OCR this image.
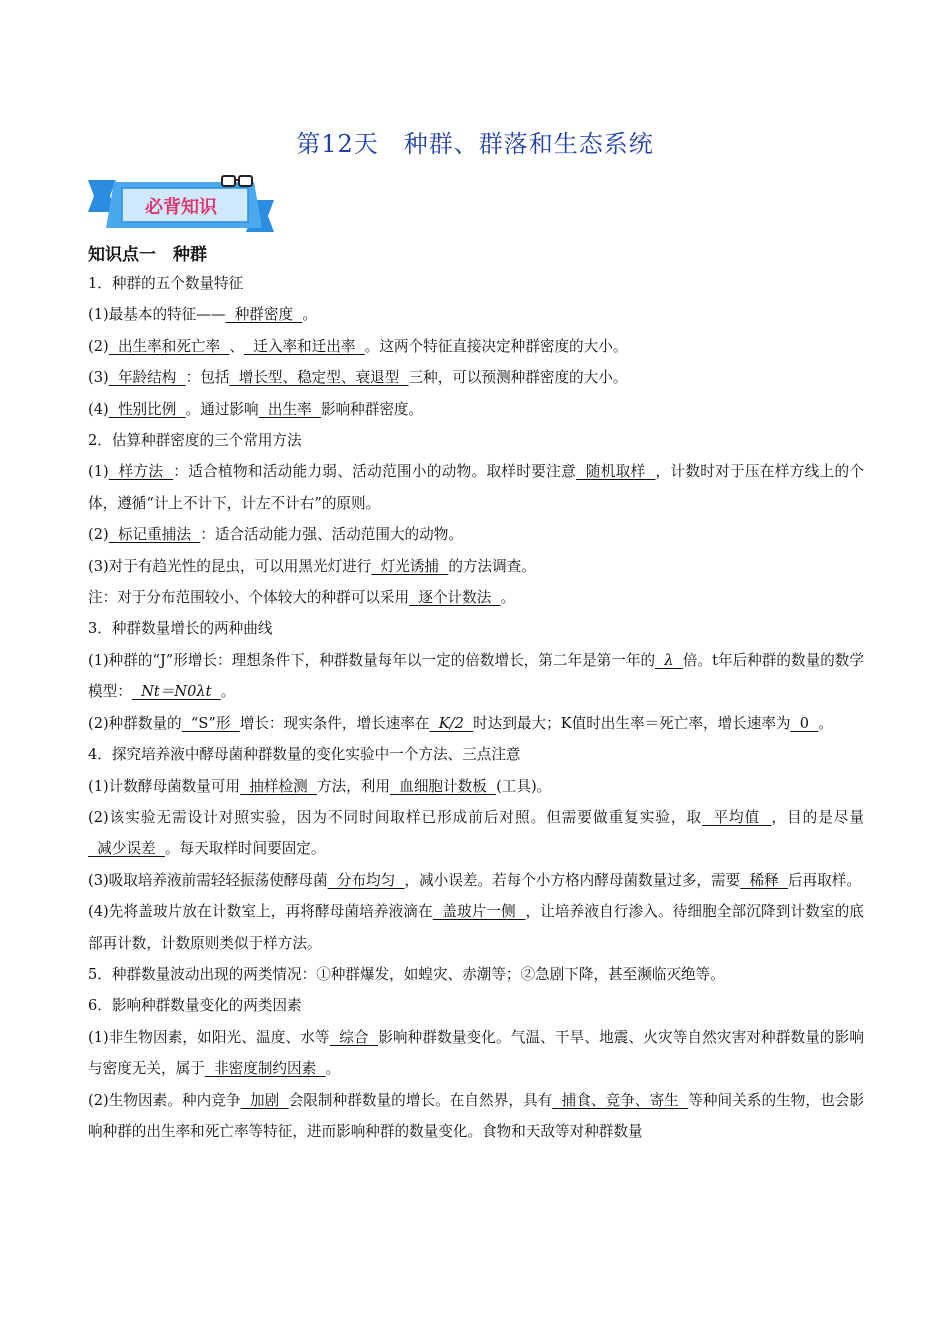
第12天　种群、群落和生态系统
必背知识
知识点一　种群

1．种群的五个数量特征

(1)最基本的特征——  种群密度  。

(2)  出生率和死亡率  、  迁入率和迁出率  。这两个特征直接决定种群密度的大小。

(3)  年龄结构  ：包括  增长型、稳定型、衰退型  三种，可以预测种群密度的大小。

(4)  性别比例  。通过影响  出生率  影响种群密度。

2．估算种群密度的三个常用方法

(1)  样方法  ：适合植物和活动能力弱、活动范围小的动物。取样时要注意  随机取样  ，计数时对于压在样方线上的个体，遵循“计上不计下，计左不计右”的原则。

(2)  标记重捕法  ：适合活动能力强、活动范围大的动物。

(3)对于有趋光性的昆虫，可以用黑光灯进行  灯光诱捕  的方法调查。

注：对于分布范围较小、个体较大的种群可以采用  逐个计数法  。

3．种群数量增长的两种曲线

(1)种群的“J”形增长：理想条件下，种群数量每年以一定的倍数增长，第二年是第一年的  λ  倍。t年后种群的数量的数学模型：  Nt＝N0λt  。

(2)种群数量的  “S”形  增长：现实条件，增长速率在  K/2  时达到最大；K值时出生率＝死亡率，增长速率为  0  。

4．探究培养液中酵母菌种群数量的变化实验中一个方法、三点注意

(1)计数酵母菌数量可用  抽样检测  方法，利用  血细胞计数板  (工具)。

(2)该实验无需设计对照实验，因为不同时间取样已形成前后对照。但需要做重复实验，取  平均值  ，目的是尽量  减少误差  。每天取样时间要固定。

(3)吸取培养液前需轻轻振荡使酵母菌  分布均匀  ，减小误差。若每个小方格内酵母菌数量过多，需要  稀释  后再取样。

(4)先将盖玻片放在计数室上，再将酵母菌培养液滴在  盖玻片一侧  ，让培养液自行渗入。待细胞全部沉降到计数室的底部再计数，计数原则类似于样方法。

5．种群数量波动出现的两类情况：①种群爆发，如蝗灾、赤潮等；②急剧下降，甚至濒临灭绝等。

6．影响种群数量变化的两类因素

(1)非生物因素，如阳光、温度、水等  综合  影响种群数量变化。气温、干旱、地震、火灾等自然灾害对种群数量的影响与密度无关，属于  非密度制约因素  。

(2)生物因素。种内竞争  加剧  会限制种群数量的增长。在自然界，具有  捕食、竞争、寄生  等种间关系的生物，也会影响种群的出生率和死亡率等特征，进而影响种群的数量变化。食物和天敌等对种群数量
